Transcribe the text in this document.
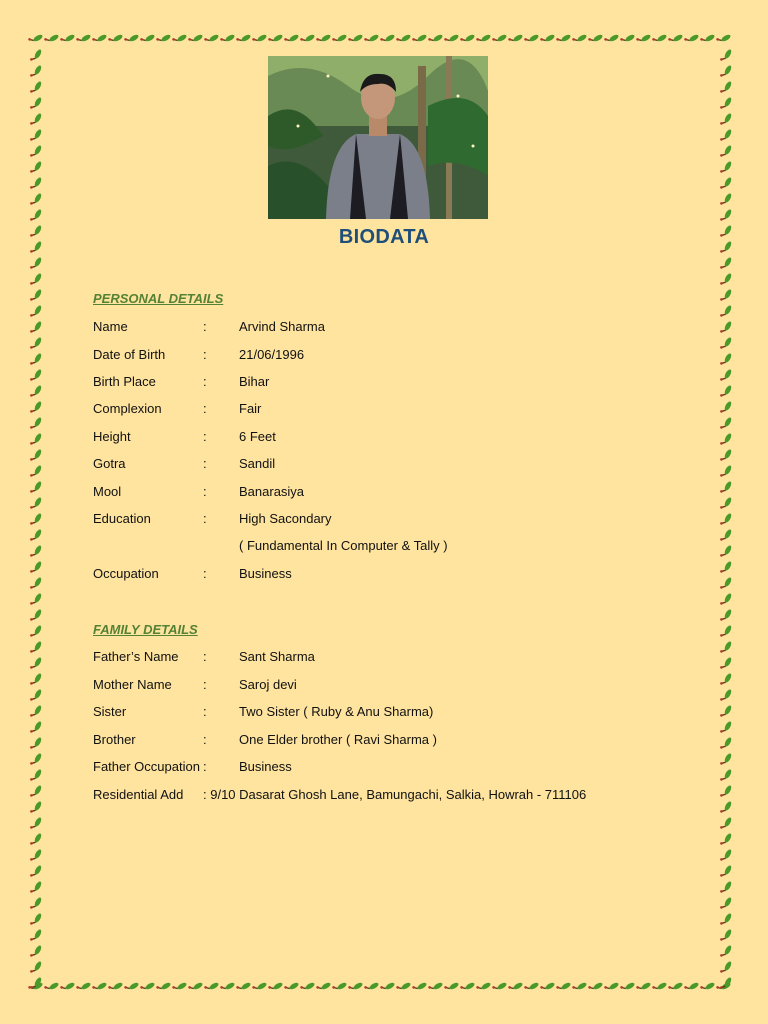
BIODATA
PERSONAL DETAILS
Name	: Arvind Sharma
Date of Birth	: 21/06/1996
Birth Place	: Bihar
Complexion	: Fair
Height	: 6 Feet
Gotra	: Sandil
Mool	: Banarasiya
Education	: High Sacondary
( Fundamental In Computer & Tally )
Occupation	: Business
FAMILY DETAILS
Father’s Name : Sant Sharma
Mother Name : Saroj devi
Sister	: Two Sister ( Ruby & Anu Sharma)
Brother	: One Elder brother ( Ravi Sharma )
Father Occupation : Business
Residential Add : 9/10 Dasarat Ghosh Lane, Bamungachi, Salkia, Howrah - 711106
